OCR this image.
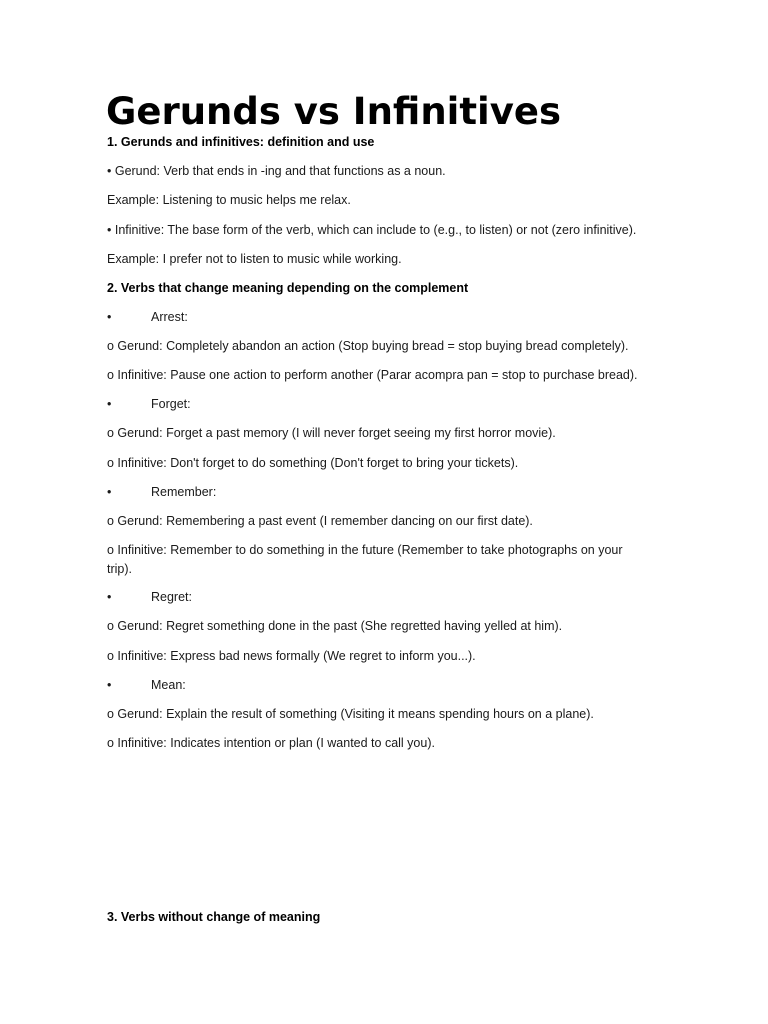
Gerunds vs Infinitives

1. Gerunds and infinitives: definition and use

• Gerund: Verb that ends in -ing and that functions as a noun.

Example: Listening to music helps me relax.

• Infinitive: The base form of the verb, which can include to (e.g., to listen) or not (zero infinitive).

Example: I prefer not to listen to music while working.

2. Verbs that change meaning depending on the complement

•	Arrest:

o Gerund: Completely abandon an action (Stop buying bread = stop buying bread completely).

o Infinitive: Pause one action to perform another (Parar acompra pan = stop to purchase bread).

•	Forget:

o Gerund: Forget a past memory (I will never forget seeing my first horror movie).

o Infinitive: Don't forget to do something (Don't forget to bring your tickets).

•	Remember:

o Gerund: Remembering a past event (I remember dancing on our first date).

o Infinitive: Remember to do something in the future (Remember to take photographs on your trip).

•	Regret:

o Gerund: Regret something done in the past (She regretted having yelled at him).

o Infinitive: Express bad news formally (We regret to inform you...).

•	Mean:

o Gerund: Explain the result of something (Visiting it means spending hours on a plane).

o Infinitive: Indicates intention or plan (I wanted to call you).

3. Verbs without change of meaning
